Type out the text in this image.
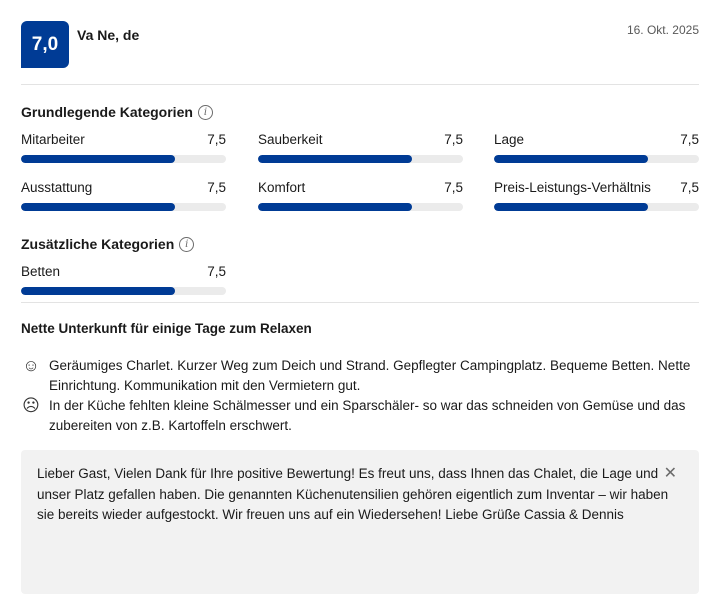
7,0 Va Ne, de	16. Okt. 2025
Grundlegende Kategorien	i
Mitarbeiter	7,5 Sauberkeit	7,5 Lage	7,5
Ausstattung	7,5 Komfort	7,5 Preis-Leistungs-Verhältnis 7,5
Zusätzliche Kategorien	i
Betten	7,5
Nette Unterkunft für einige Tage zum Relaxen
☺ Geräumiges Charlet. Kurzer Weg zum Deich und Strand. Gepflegter Campingplatz. Bequeme Betten. Nette Einrichtung. Kommunikation mit den Vermietern gut.
☹ In der Küche fehlten kleine Schälmesser und ein Sparschäler- so war das schneiden von Gemüse und das zubereiten von z.B. Kartoffeln erschwert.
Lieber Gast, Vielen Dank für Ihre positive Bewertung! Es freut uns, dass Ihnen das Chalet, die Lage und unser Platz gefallen haben. Die genannten Küchenutensilien gehören eigentlich zum Inventar – wir haben sie bereits wieder aufgestockt. Wir freuen uns auf ein Wiedersehen! Liebe Grüße Cassia & Dennis
✕
